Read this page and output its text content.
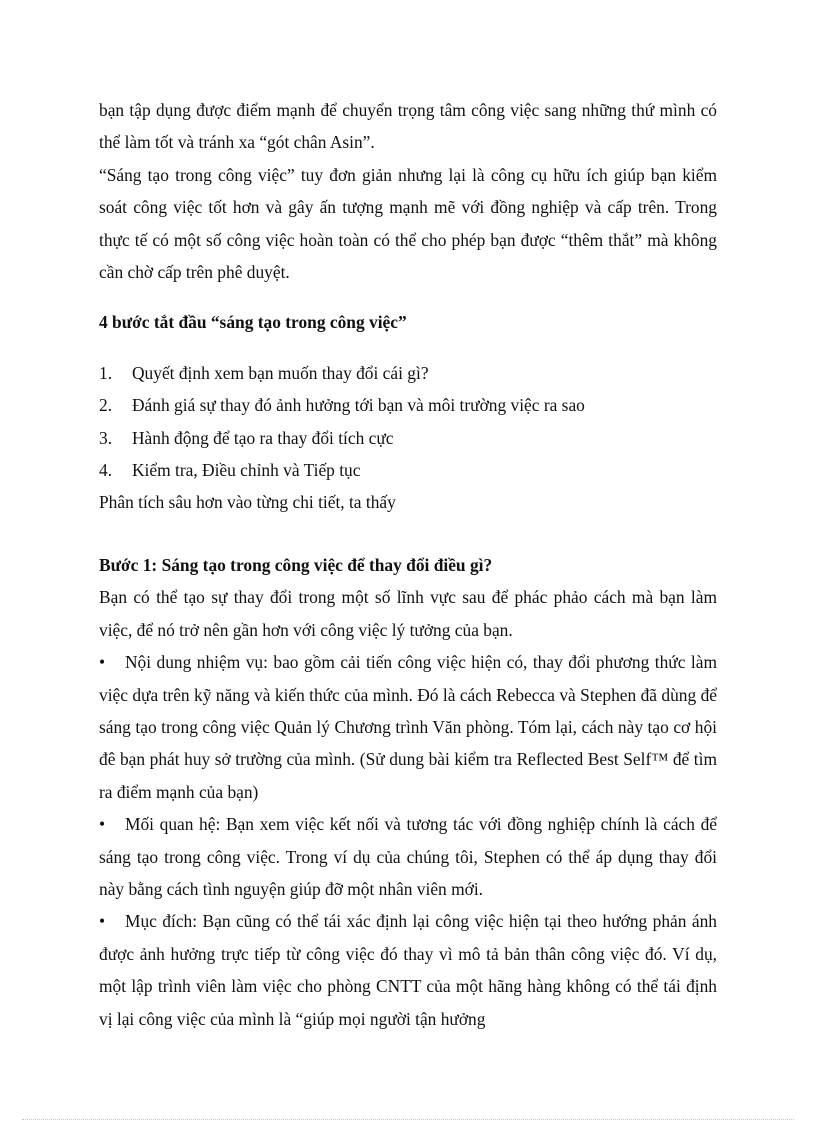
bạn tập dụng được điểm mạnh để chuyển trọng tâm công việc sang những thứ mình có thể làm tốt và tránh xa “gót chân Asin”.

“Sáng tạo trong công việc” tuy đơn giản nhưng lại là công cụ hữu ích giúp bạn kiểm soát công việc tốt hơn và gây ấn tượng mạnh mẽ với đồng nghiệp và cấp trên. Trong thực tế có một số công việc hoàn toàn có thể cho phép bạn được “thêm thắt” mà không cần chờ cấp trên phê duyệt.

4 bước tắt đầu “sáng tạo trong công việc”

1.	Quyết định xem bạn muốn thay đổi cái gì?
2.	Đánh giá sự thay đó ảnh hưởng tới bạn và môi trường việc ra sao
3.	Hành động để tạo ra thay đổi tích cực
4.	Kiểm tra, Điều chỉnh và Tiếp tục

Phân tích sâu hơn vào từng chi tiết, ta thấy

Bước 1: Sáng tạo trong công việc để thay đổi điều gì?

Bạn có thể tạo sự thay đổi trong một số lĩnh vực sau để phác phảo cách mà bạn làm việc, để nó trở nên gần hơn với công việc lý tưởng của bạn.

• Nội dung nhiệm vụ: bao gồm cải tiến công việc hiện có, thay đổi phương thức làm việc dựa trên kỹ năng và kiến thức của mình. Đó là cách Rebecca và Stephen đã dùng để sáng tạo trong công việc Quản lý Chương trình Văn phòng. Tóm lại, cách này tạo cơ hội đê bạn phát huy sở trường của mình. (Sử dung bài kiểm tra Reflected Best Self™ để tìm ra điểm mạnh của bạn)

• Mối quan hệ: Bạn xem việc kết nối và tương tác với đồng nghiệp chính là cách để sáng tạo trong công việc. Trong ví dụ của chúng tôi, Stephen có thể áp dụng thay đổi này bằng cách tình nguyện giúp đỡ một nhân viên mới.

• Mục đích: Bạn cũng có thể tái xác định lại công việc hiện tại theo hướng phản ánh được ảnh hưởng trực tiếp từ công việc đó thay vì mô tả bản thân công việc đó. Ví dụ, một lập trình viên làm việc cho phòng CNTT của một hãng hàng không có thể tái định vị lại công việc của mình là “giúp mọi người tận hưởng
